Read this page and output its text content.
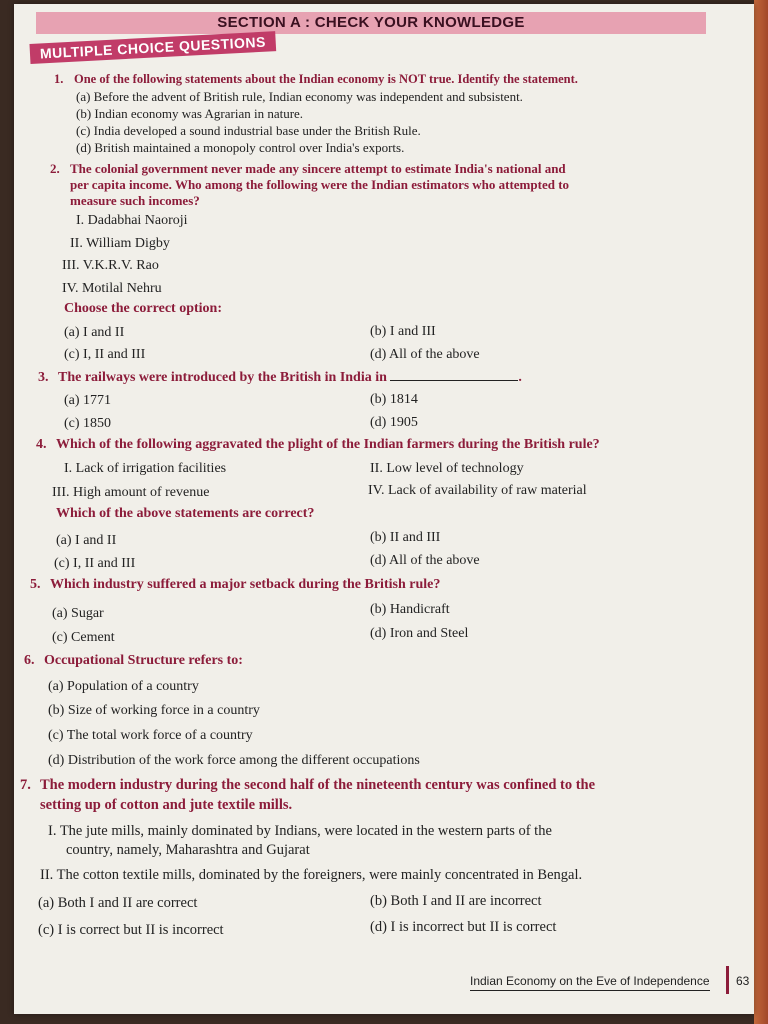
SECTION A : CHECK YOUR KNOWLEDGE
MULTIPLE CHOICE QUESTIONS
1. One of the following statements about the Indian economy is NOT true. Identify the statement.
(a) Before the advent of British rule, Indian economy was independent and subsistent.
(b) Indian economy was Agrarian in nature.
(c) India developed a sound industrial base under the British Rule.
(d) British maintained a monopoly control over India's exports.
2. The colonial government never made any sincere attempt to estimate India's national and
per capita income. Who among the following were the Indian estimators who attempted to
measure such incomes?
I. Dadabhai Naoroji
II. William Digby
III. V.K.R.V. Rao
IV. Motilal Nehru
Choose the correct option:
(a) I and II	(b) I and III
(c) I, II and III	(d) All of the above
3. The railways were introduced by the British in India in	.
(a) 1771	(b) 1814
(c) 1850	(d) 1905
4. Which of the following aggravated the plight of the Indian farmers during the British rule?
I. Lack of irrigation facilities	II. Low level of technology
III. High amount of revenue	IV. Lack of availability of raw material
Which of the above statements are correct?
(a) I and II	(b) II and III
(c) I, II and III	(d) All of the above
5. Which industry suffered a major setback during the British rule?
(a) Sugar	(b) Handicraft
(c) Cement	(d) Iron and Steel
6. Occupational Structure refers to:
(a) Population of a country
(b) Size of working force in a country
(c) The total work force of a country
(d) Distribution of the work force among the different occupations
7. The modern industry during the second half of the nineteenth century was confined to the
setting up of cotton and jute textile mills.
I. The jute mills, mainly dominated by Indians, were located in the western parts of the
country, namely, Maharashtra and Gujarat
II. The cotton textile mills, dominated by the foreigners, were mainly concentrated in Bengal.
(a) Both I and II are correct	(b) Both I and II are incorrect
(c) I is correct but II is incorrect	(d) I is incorrect but II is correct
Indian Economy on the Eve of Independence 63
